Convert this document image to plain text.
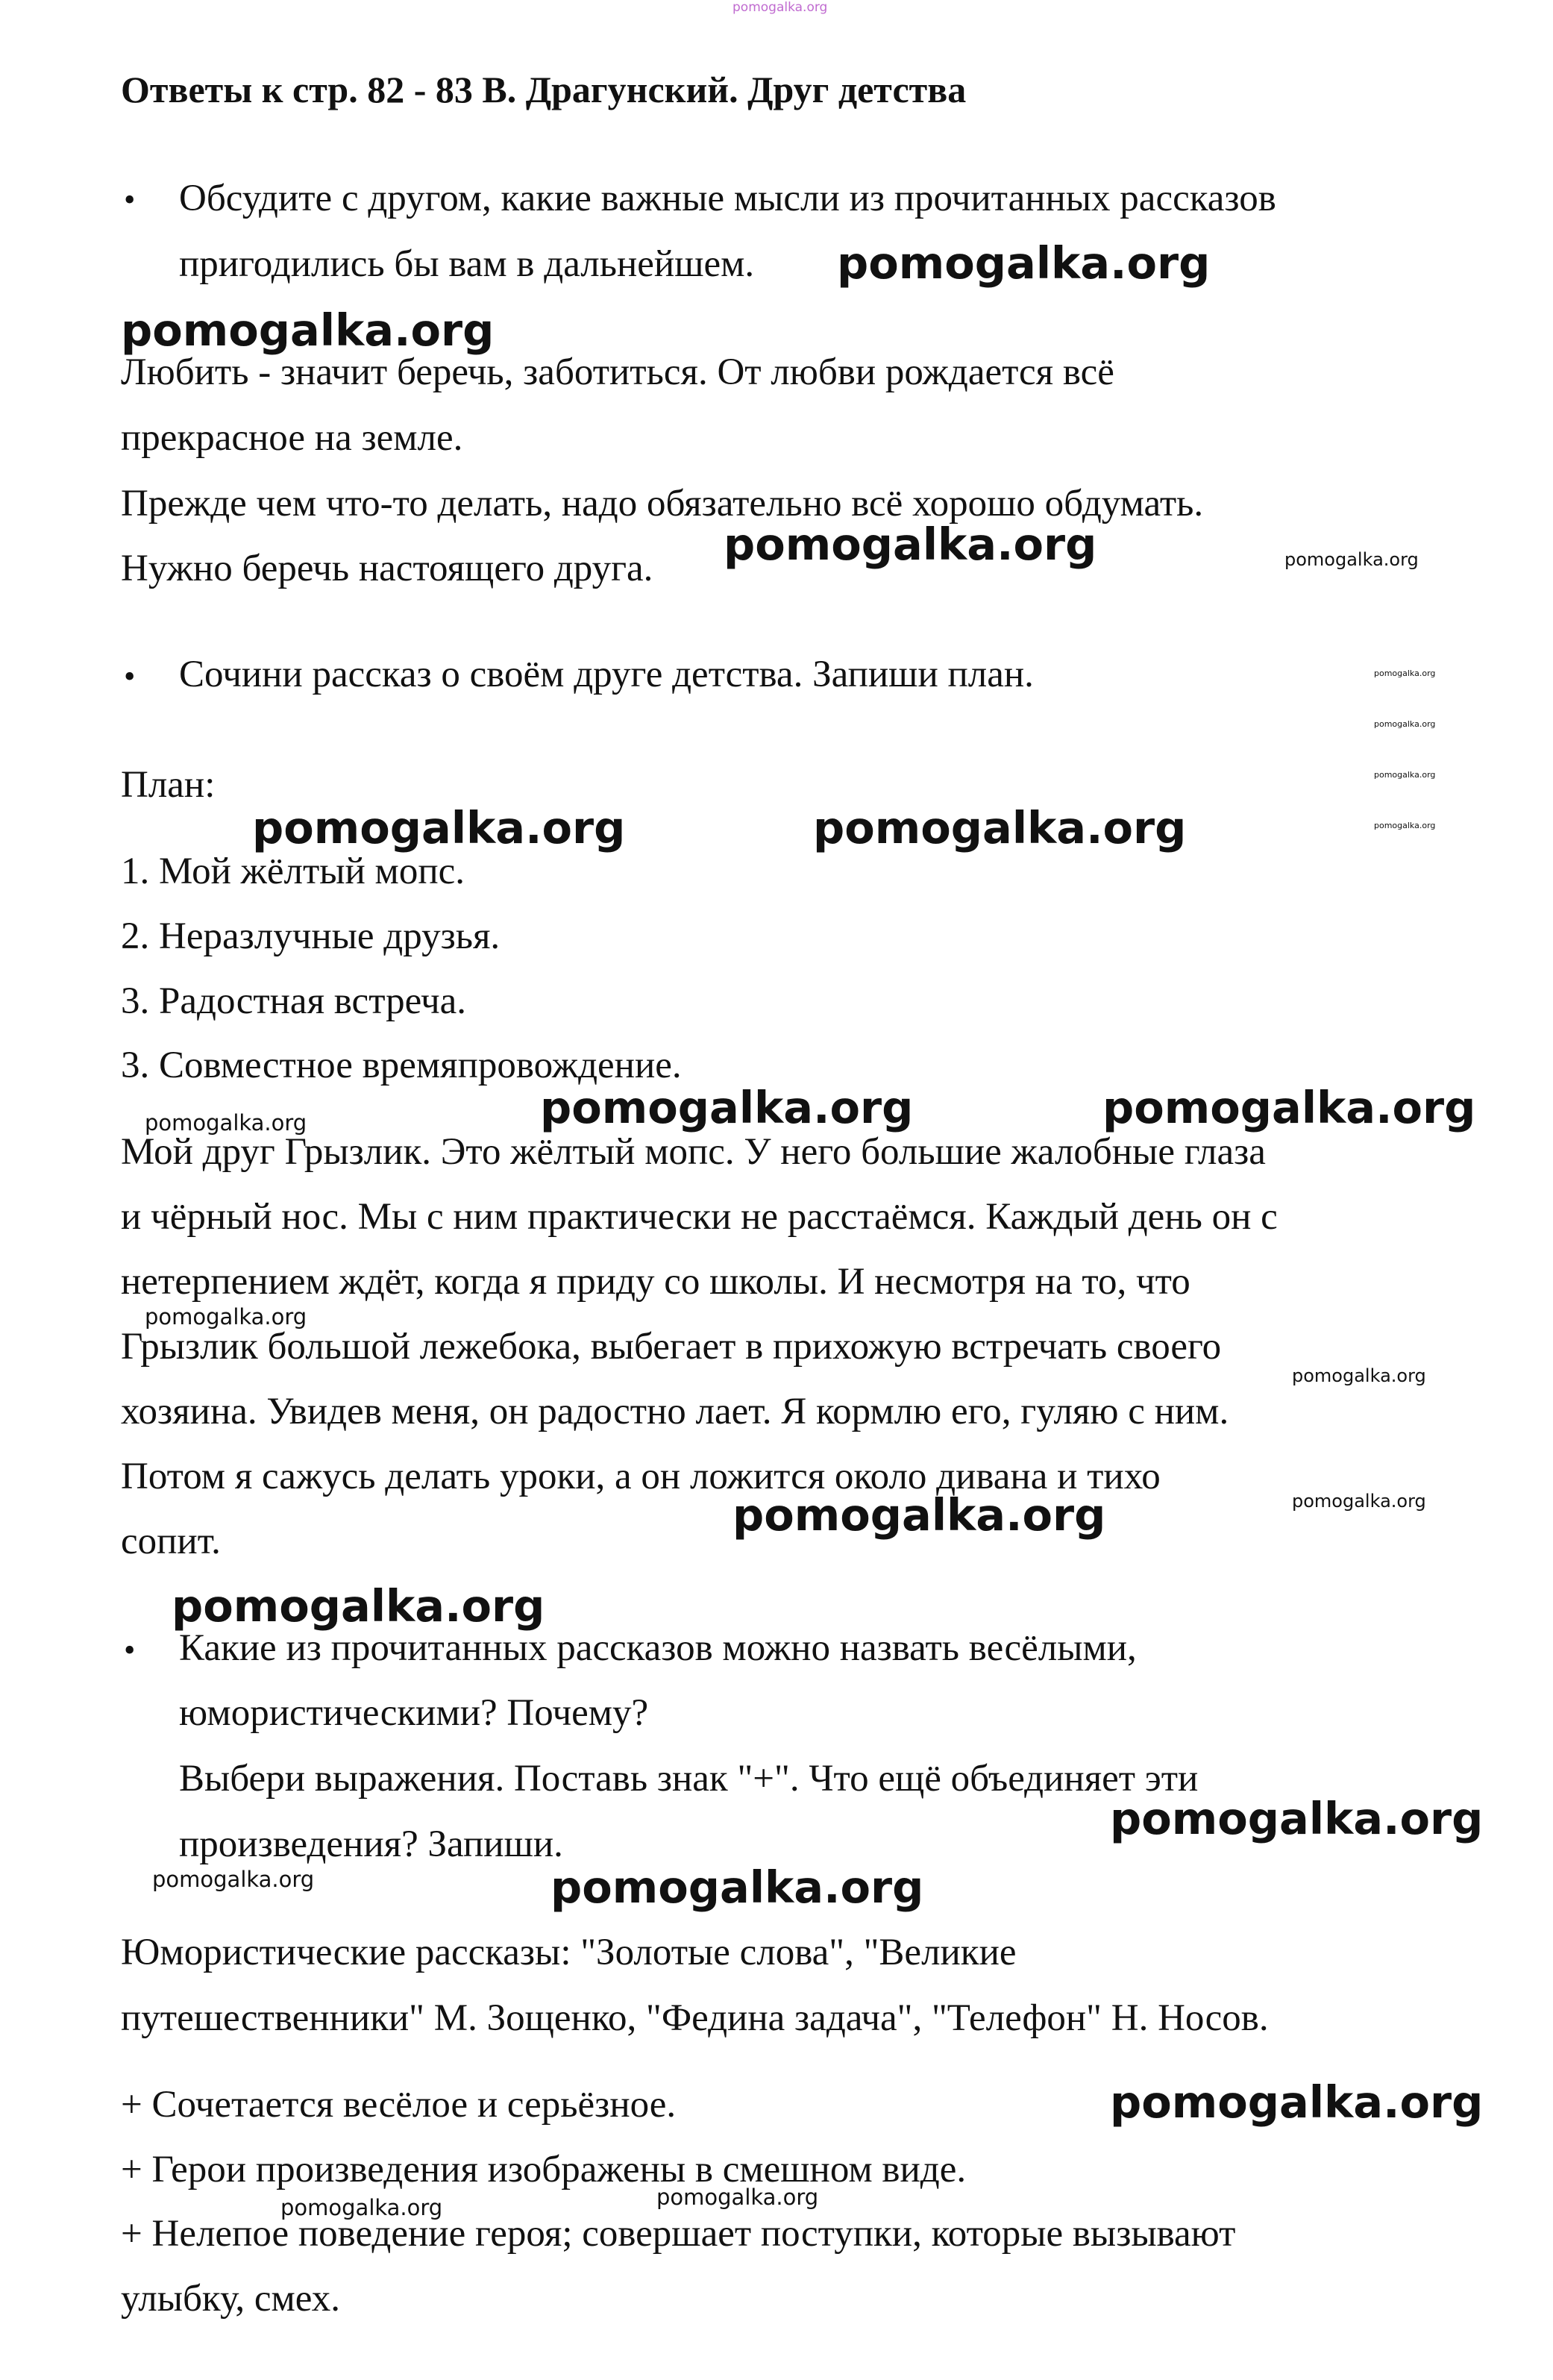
pomogalka.org
Ответы к стр. 82 - 83 В. Драгунский. Друг детства
• Обсудите с другом, какие важные мысли из прочитанных рассказов
пригодились бы вам в дальнейшем.
Любить - значит беречь, заботиться. От любви рождается всё
прекрасное на земле.
Прежде чем что-то делать, надо обязательно всё хорошо обдумать.
Нужно беречь настоящего друга.
• Сочини рассказ о своём друге детства. Запиши план.
План:
1. Мой жёлтый мопс.
2. Неразлучные друзья.
3. Радостная встреча.
3. Совместное времяпровождение.
Мой друг Грызлик. Это жёлтый мопс. У него большие жалобные глаза
и чёрный нос. Мы с ним практически не расстаёмся. Каждый день он с
нетерпением ждёт, когда я приду со школы. И несмотря на то, что
Грызлик большой лежебока, выбегает в прихожую встречать своего
хозяина. Увидев меня, он радостно лает. Я кормлю его, гуляю с ним.
Потом я сажусь делать уроки, а он ложится около дивана и тихо
сопит.
• Какие из прочитанных рассказов можно назвать весёлыми,
юмористическими? Почему?
Выбери выражения. Поставь знак "+". Что ещё объединяет эти
произведения? Запиши.
Юмористические рассказы: "Золотые слова", "Великие
путешественники" М. Зощенко, "Федина задача", "Телефон" Н. Носов.
+ Сочетается весёлое и серьёзное.
+ Герои произведения изображены в смешном виде.
+ Нелепое поведение героя; совершает поступки, которые вызывают
улыбку, смех.
pomogalka.org
pomogalka.org
pomogalka.org	pomogalka.org
pomogalka.org
pomogalka.org
pomogalka.org
pomogalka.org
pomogalka.org	pomogalka.org
pomogalka.org	pomogalka.org
pomogalka.org
pomogalka.org
pomogalka.org
pomogalka.org	pomogalka.org
pomogalka.org
pomogalka.org
pomogalka.org	pomogalka.org
pomogalka.org
pomogalka.org	pomogalka.org
